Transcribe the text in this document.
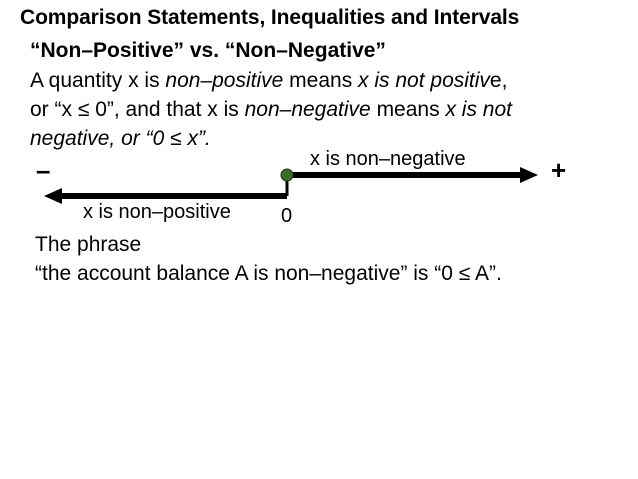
Comparison Statements, Inequalities and Intervals
“Non–Positive” vs. “Non–Negative”
A quantity x is non–positive means x is not positive,
or “x ≤ 0”, and that x is non–negative means x is not
negative, or “0 ≤ x”.
x is non–negative
–	+
x is non–positive	0
The phrase
“the account balance A is non–negative” is “0 ≤ A”.
